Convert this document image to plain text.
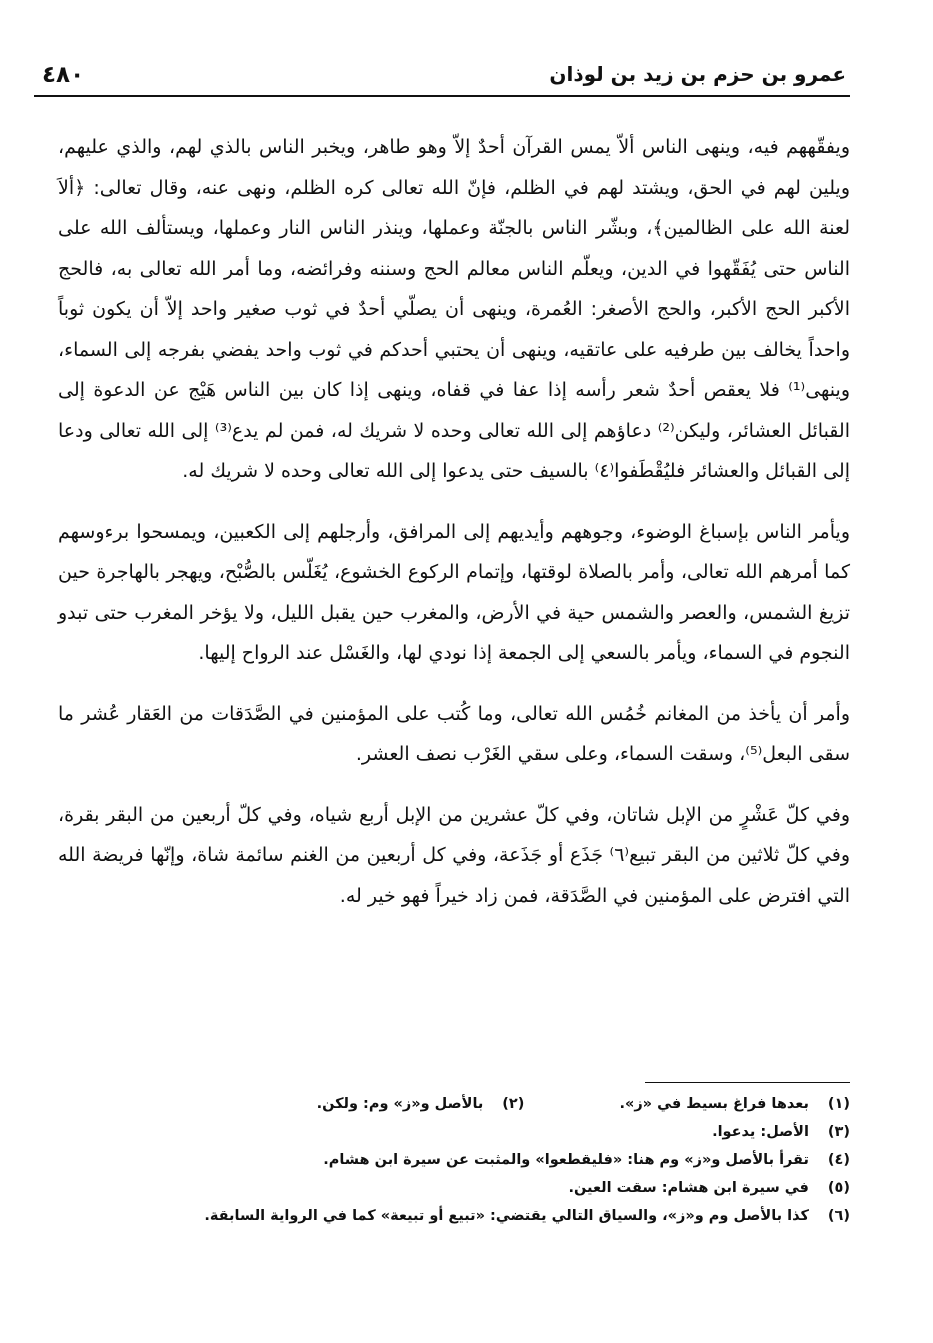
٤٨٠	عمرو بن حزم بن زيد بن لوذان

ويفقّههم فيه، وينهى الناس ألاّ يمس القرآن أحدٌ إلاّ وهو طاهر، ويخبر الناس بالذي لهم، والذي عليهم، ويلين لهم في الحق، ويشتد لهم في الظلم، فإنّ الله تعالى كره الظلم، ونهى عنه، وقال تعالى: ﴿ألاَ لعنة الله على الظالمين﴾، وبشّر الناس بالجنّة وعملها، وينذر الناس النار وعملها، ويستألف الله على الناس حتى يُفَقّهوا في الدين، ويعلّم الناس معالم الحج وسننه وفرائضه، وما أمر الله تعالى به، فالحج الأكبر الحج الأكبر، والحج الأصغر: العُمرة، وينهى أن يصلّي أحدٌ في ثوب صغير واحد إلاّ أن يكون ثوباً واحداً يخالف بين طرفيه على عاتقيه، وينهى أن يحتبي أحدكم في ثوب واحد يفضي بفرجه إلى السماء، وينهى⁽¹⁾ فلا يعقص أحدٌ شعر رأسه إذا عفا في قفاه، وينهى إذا كان بين الناس هَيْج عن الدعوة إلى القبائل العشائر، وليكن⁽²⁾ دعاؤهم إلى الله تعالى وحده لا شريك له، فمن لم يدع⁽³⁾ إلى الله تعالى ودعا إلى القبائل والعشائر فليُقْطَفوا⁽٤⁾ بالسيف حتى يدعوا إلى الله تعالى وحده لا شريك له.

ويأمر الناس بإسباغ الوضوء، وجوههم وأيديهم إلى المرافق، وأرجلهم إلى الكعبين، ويمسحوا برءوسهم كما أمرهم الله تعالى، وأمر بالصلاة لوقتها، وإتمام الركوع الخشوع، يُغَلّس بالصُّبْح، ويهجر بالهاجرة حين تزيغ الشمس، والعصر والشمس حية في الأرض، والمغرب حين يقبل الليل، ولا يؤخر المغرب حتى تبدو النجوم في السماء، ويأمر بالسعي إلى الجمعة إذا نودي لها، والغَسْل عند الرواح إليها.

وأمر أن يأخذ من المغانم خُمُس الله تعالى، وما كُتب على المؤمنين في الصَّدَقات من العَقار عُشر ما سقى البعل⁽⁵⁾، وسقت السماء، وعلى سقي الغَرْب نصف العشر.

وفي كلّ عَشْرٍ من الإبل شاتان، وفي كلّ عشرين من الإبل أربع شياه، وفي كلّ أربعين من البقر بقرة، وفي كلّ ثلاثين من البقر تبيع⁽٦⁾ جَذَع أو جَذَعة، وفي كل أربعين من الغنم سائمة شاة، وإنّها فريضة الله التي افترض على المؤمنين في الصَّدَقة، فمن زاد خيراً فهو خير له.

(١) بعدها فراغ بسيط في «ز». (٢) بالأصل و«ز» وم: ولكن.
(٣) الأصل: يدعوا.
(٤) تقرأ بالأصل و«ز» وم هنا: «فليقطعوا» والمثبت عن سيرة ابن هشام.
(٥) في سيرة ابن هشام: سقت العين.
(٦) كذا بالأصل وم و«ز»، والسياق التالي يقتضي: «تبيع أو تبيعة» كما في الرواية السابقة.
